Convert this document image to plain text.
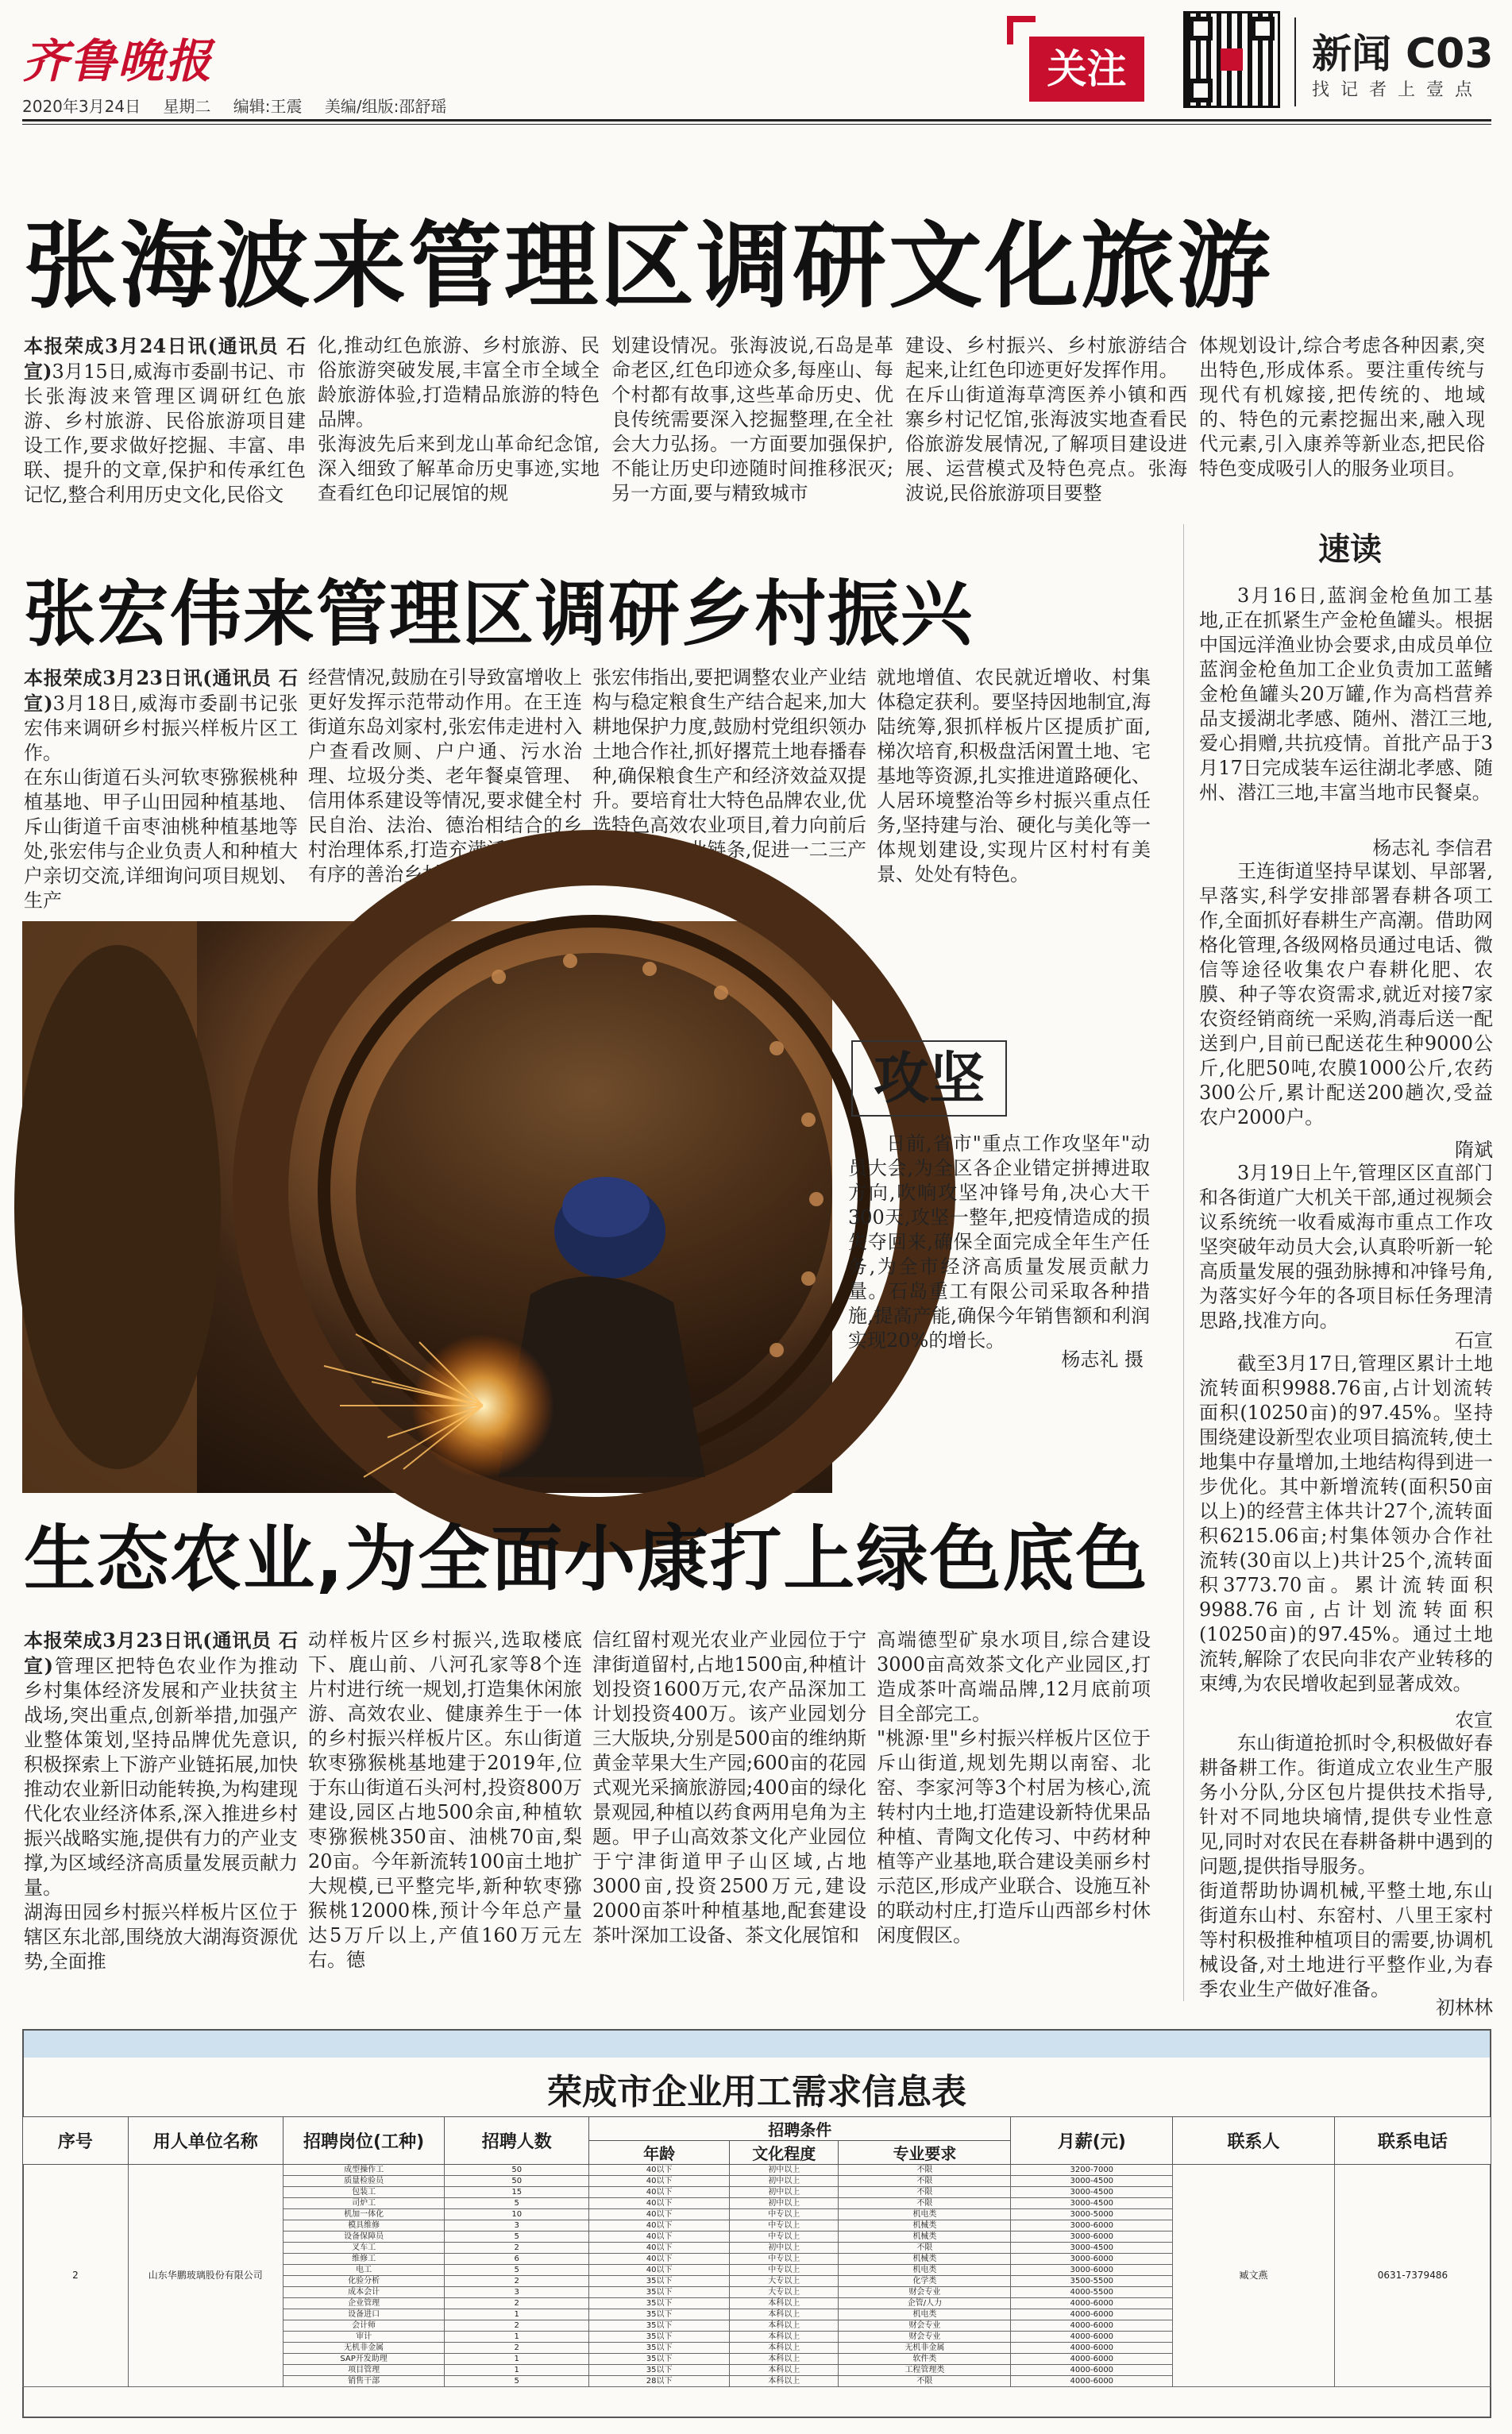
齐鲁晚报
2020年3月24日 星期二 编辑:王震 美编/组版:邵舒瑶
关注	新闻 C03
找记者上壹点
张海波来管理区调研文化旅游
本报荣成3月24日讯(通讯员 石宣)3月15日,威海市委副书记、市长张海波来管理区调研红色旅游、乡村旅游、民俗旅游项目建设工作,要求做好挖掘、丰富、串联、提升的文章,保护和传承红色记忆,整合利用历史文化,民俗文
化,推动红色旅游、乡村旅游、民俗旅游突破发展,丰富全市全域全龄旅游体验,打造精品旅游的特色品牌。
张海波先后来到龙山革命纪念馆,深入细致了解革命历史事迹,实地查看红色印记展馆的规
划建设情况。张海波说,石岛是革命老区,红色印迹众多,每座山、每个村都有故事,这些革命历史、优良传统需要深入挖掘整理,在全社会大力弘扬。一方面要加强保护,不能让历史印迹随时间推移泯灭;另一方面,要与精致城市
建设、乡村振兴、乡村旅游结合起来,让红色印迹更好发挥作用。
在斥山街道海草湾医养小镇和西寨乡村记忆馆,张海波实地查看民俗旅游发展情况,了解项目建设进展、运营模式及特色亮点。张海波说,民俗旅游项目要整
体规划设计,综合考虑各种因素,突出特色,形成体系。要注重传统与现代有机嫁接,把传统的、地域的、特色的元素挖掘出来,融入现代元素,引入康养等新业态,把民俗特色变成吸引人的服务业项目。
张宏伟来管理区调研乡村振兴
本报荣成3月23日讯(通讯员 石宣)3月18日,威海市委副书记张宏伟来调研乡村振兴样板片区工作。
在东山街道石头河软枣猕猴桃种植基地、甲子山田园种植基地、斥山街道千亩枣油桃种植基地等处,张宏伟与企业负责人和种植大户亲切交流,详细询问项目规划、生产
经营情况,鼓励在引导致富增收上更好发挥示范带动作用。在王连街道东岛刘家村,张宏伟走进村入户查看改厕、户户通、污水治理、垃圾分类、老年餐桌管理、信用体系建设等情况,要求健全村民自治、法治、德治相结合的乡村治理体系,打造充满活力、程序有序的善治乡村。
张宏伟指出,要把调整农业产业结构与稳定粮食生产结合起来,加大耕地保护力度,鼓励村党组织领办土地合作社,抓好撂荒土地春播春种,确保粮食生产和经济效益双提升。要培育壮大特色品牌农业,优选特色高效农业项目,着力向前后两端延伸产业链条,促进一二三产业融合发展,让农业
就地增值、农民就近增收、村集体稳定获利。要坚持因地制宜,海陆统筹,狠抓样板片区提质扩面,梯次培育,积极盘活闲置土地、宅基地等资源,扎实推进道路硬化、人居环境整治等乡村振兴重点任务,坚持建与治、硬化与美化等一体规划建设,实现片区村村有美景、处处有特色。
攻坚
日前,省市"重点工作攻坚年"动员大会,为全区各企业错定拼搏进取方向,吹响攻坚冲锋号角,决心大干300天,攻坚一整年,把疫情造成的损失夺回来,确保全面完成全年生产任务,为全市经济高质量发展贡献力量。石岛重工有限公司采取各种措施,提高产能,确保今年销售额和利润实现20%的增长。
杨志礼 摄
生态农业,为全面小康打上绿色底色
本报荣成3月23日讯(通讯员 石宣)管理区把特色农业作为推动乡村集体经济发展和产业扶贫主战场,突出重点,创新举措,加强产业整体策划,坚持品牌优先意识,积极探索上下游产业链拓展,加快推动农业新旧动能转换,为构建现代化农业经济体系,深入推进乡村振兴战略实施,提供有力的产业支撑,为区域经济高质量发展贡献力量。
湖海田园乡村振兴样板片区位于辖区东北部,围绕放大湖海资源优势,全面推
动样板片区乡村振兴,选取楼底下、鹿山前、八河孔家等8个连片村进行统一规划,打造集休闲旅游、高效农业、健康养生于一体的乡村振兴样板片区。东山街道软枣猕猴桃基地建于2019年,位于东山街道石头河村,投资800万建设,园区占地500余亩,种植软枣猕猴桃350亩、油桃70亩,梨20亩。今年新流转100亩土地扩大规模,已平整完毕,新种软枣猕猴桃12000株,预计今年总产量达5万斤以上,产值160万元左右。德
信红留村观光农业产业园位于宁津街道留村,占地1500亩,种植计划投资1600万元,农产品深加工计划投资400万。该产业园划分三大版块,分别是500亩的维纳斯黄金苹果大生产园;600亩的花园式观光采摘旅游园;400亩的绿化景观园,种植以药食两用皂角为主题。甲子山高效茶文化产业园位于宁津街道甲子山区域,占地3000亩,投资2500万元,建设2000亩茶叶种植基地,配套建设茶叶深加工设备、茶文化展馆和
高端德型矿泉水项目,综合建设3000亩高效茶文化产业园区,打造成茶叶高端品牌,12月底前项目全部完工。
"桃源·里"乡村振兴样板片区位于斥山街道,规划先期以南窑、北窑、李家河等3个村居为核心,流转村内土地,打造建设新特优果品种植、青陶文化传习、中药材种植等产业基地,联合建设美丽乡村示范区,形成产业联合、设施互补的联动村庄,打造斥山西部乡村休闲度假区。
速读
3月16日,蓝润金枪鱼加工基地,正在抓紧生产金枪鱼罐头。根据中国远洋渔业协会要求,由成员单位蓝润金枪鱼加工企业负责加工蓝鳍金枪鱼罐头20万罐,作为高档营养品支援湖北孝感、随州、潜江三地,爱心捐赠,共抗疫情。首批产品于3月17日完成装车运往湖北孝感、随州、潜江三地,丰富当地市民餐桌。
杨志礼 李信君
王连街道坚持早谋划、早部署,早落实,科学安排部署春耕各项工作,全面抓好春耕生产高潮。借助网格化管理,各级网格员通过电话、微信等途径收集农户春耕化肥、农膜、种子等农资需求,就近对接7家农资经销商统一采购,消毒后送一配送到户,目前已配送花生种9000公斤,化肥50吨,农膜1000公斤,农药300公斤,累计配送200趟次,受益农户2000户。
隋斌
3月19日上午,管理区区直部门和各街道广大机关干部,通过视频会议系统统一收看威海市重点工作攻坚突破年动员大会,认真聆听新一轮高质量发展的强劲脉搏和冲锋号角,为落实好今年的各项目标任务理清思路,找准方向。
石宣
截至3月17日,管理区累计土地流转面积9988.76亩,占计划流转面积(10250亩)的97.45%。坚持围绕建设新型农业项目搞流转,使土地集中存量增加,土地结构得到进一步优化。其中新增流转(面积50亩以上)的经营主体共计27个,流转面积6215.06亩;村集体领办合作社流转(30亩以上)共计25个,流转面积3773.70亩。累计流转面积9988.76亩,占计划流转面积(10250亩)的97.45%。通过土地流转,解除了农民向非农产业转移的束缚,为农民增收起到显著成效。
农宣
东山街道抢抓时令,积极做好春耕备耕工作。街道成立农业生产服务小分队,分区包片提供技术指导,针对不同地块墒情,提供专业性意见,同时对农民在春耕备耕中遇到的问题,提供指导服务。
街道帮助协调机械,平整土地,东山街道东山村、东窑村、八里王家村等村积极推种植项目的需要,协调机械设备,对土地进行平整作业,为春季农业生产做好准备。
初林林
荣成市企业用工需求信息表
序号	用人单位名称	招聘岗位(工种)	招聘人数	招聘条件			月薪(元)	联系人	联系电话
				年龄	文化程度	专业要求			
2	山东华鹏玻璃股份有限公司	成型操作工	50	40以下	初中以上	不限	3200-7000	臧文燕	0631-7379486
		质量检验员	50	40以下	初中以上	不限	3000-4500		
		包装工	15	40以下	初中以上	不限	3000-4500		
		司炉工	5	40以下	初中以上	不限	3000-4500		
		机加一体化	10	40以下	中专以上	机电类	3000-5000		
		模具维修	3	40以下	中专以上	机械类	3000-6000		
		设备保障员	5	40以下	中专以上	机械类	3000-6000		
		叉车工	2	40以下	初中以上	不限	3000-4500		
		维修工	6	40以下	中专以上	机械类	3000-6000		
		电工	5	40以下	中专以上	机电类	3000-6000		
		化验分析	2	35以下	大专以上	化学类	3500-5500		
		成本会计	3	35以下	大专以上	财会专业	4000-5500		
		企业管理	2	35以下	本科以上	企管/人力	4000-6000		
		设备进口	1	35以下	本科以上	机电类	4000-6000		
		会计师	2	35以下	本科以上	财会专业	4000-6000		
		审计	1	35以下	本科以上	财会专业	4000-6000		
		无机非金属	2	35以下	本科以上	无机非金属	4000-6000		
		SAP开发助理	1	35以下	本科以上	软件类	4000-6000		
		项目管理	1	35以下	本科以上	工程管理类	4000-6000		
		销售干部	5	28以下	本科以上	不限	4000-6000		
